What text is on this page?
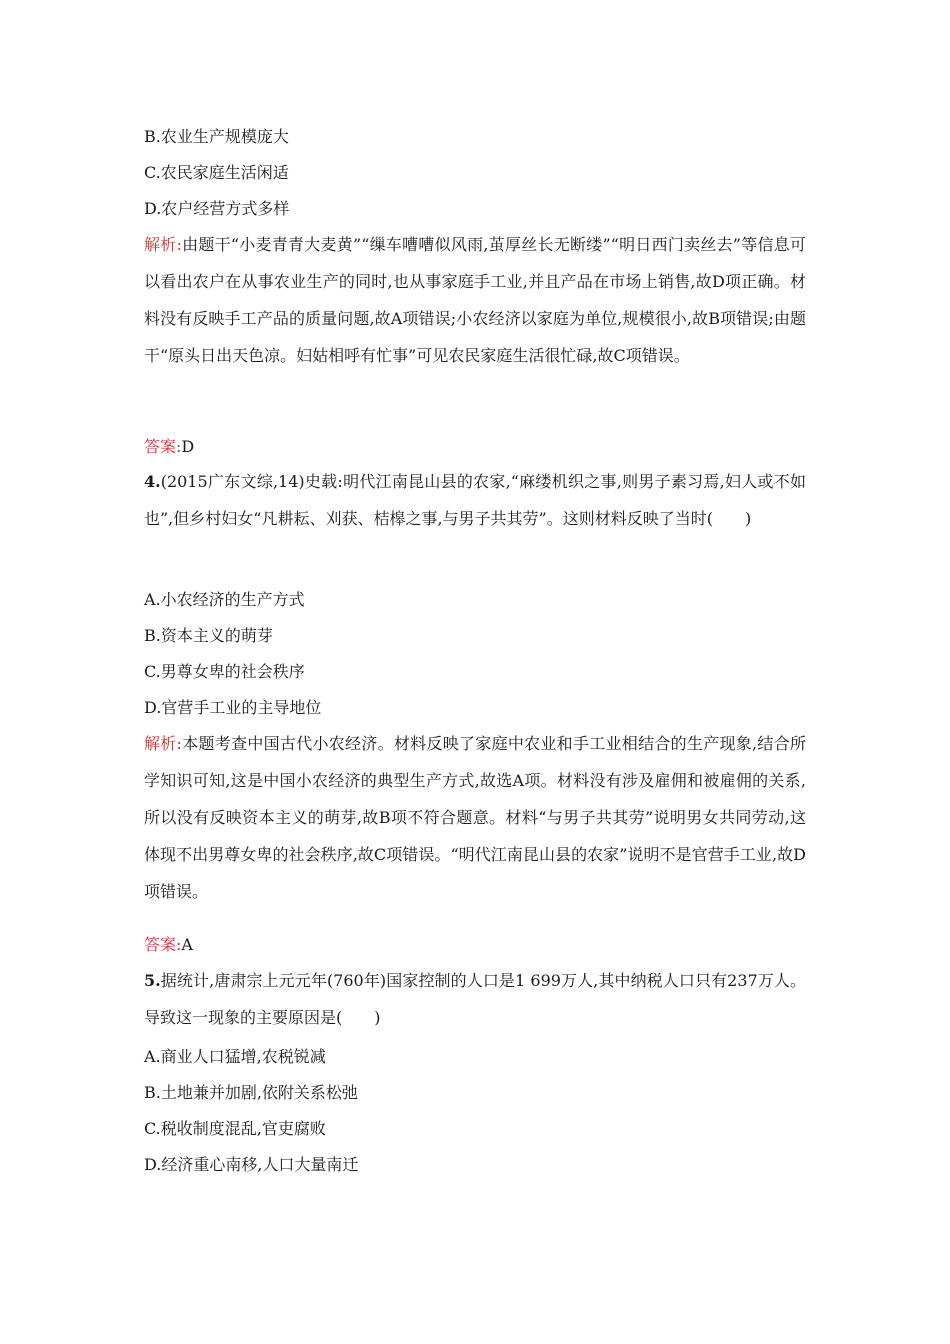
B.农业生产规模庞大
C.农民家庭生活闲适
D.农户经营方式多样
解析:由题干“小麦青青大麦黄”“缫车嘈嘈似风雨,茧厚丝长无断缕”“明日西门卖丝去”等信息可以看出农户在从事农业生产的同时,也从事家庭手工业,并且产品在市场上销售,故D项正确。材料没有反映手工产品的质量问题,故A项错误;小农经济以家庭为单位,规模很小,故B项错误;由题干“原头日出天色凉。妇姑相呼有忙事”可见农民家庭生活很忙碌,故C项错误。
答案:D
4.(2015广东文综,14)史载:明代江南昆山县的农家,“麻缕机织之事,则男子素习焉,妇人或不如也”,但乡村妇女“凡耕耘、刈获、桔槔之事,与男子共其劳”。这则材料反映了当时(　　)
A.小农经济的生产方式
B.资本主义的萌芽
C.男尊女卑的社会秩序
D.官营手工业的主导地位
解析:本题考查中国古代小农经济。材料反映了家庭中农业和手工业相结合的生产现象,结合所学知识可知,这是中国小农经济的典型生产方式,故选A项。材料没有涉及雇佣和被雇佣的关系,所以没有反映资本主义的萌芽,故B项不符合题意。材料“与男子共其劳”说明男女共同劳动,这体现不出男尊女卑的社会秩序,故C项错误。“明代江南昆山县的农家”说明不是官营手工业,故D项错误。
答案:A
5.据统计,唐肃宗上元元年(760年)国家控制的人口是1 699万人,其中纳税人口只有237万人。导致这一现象的主要原因是(　　)
A.商业人口猛增,农税锐减
B.土地兼并加剧,依附关系松弛
C.税收制度混乱,官吏腐败
D.经济重心南移,人口大量南迁
